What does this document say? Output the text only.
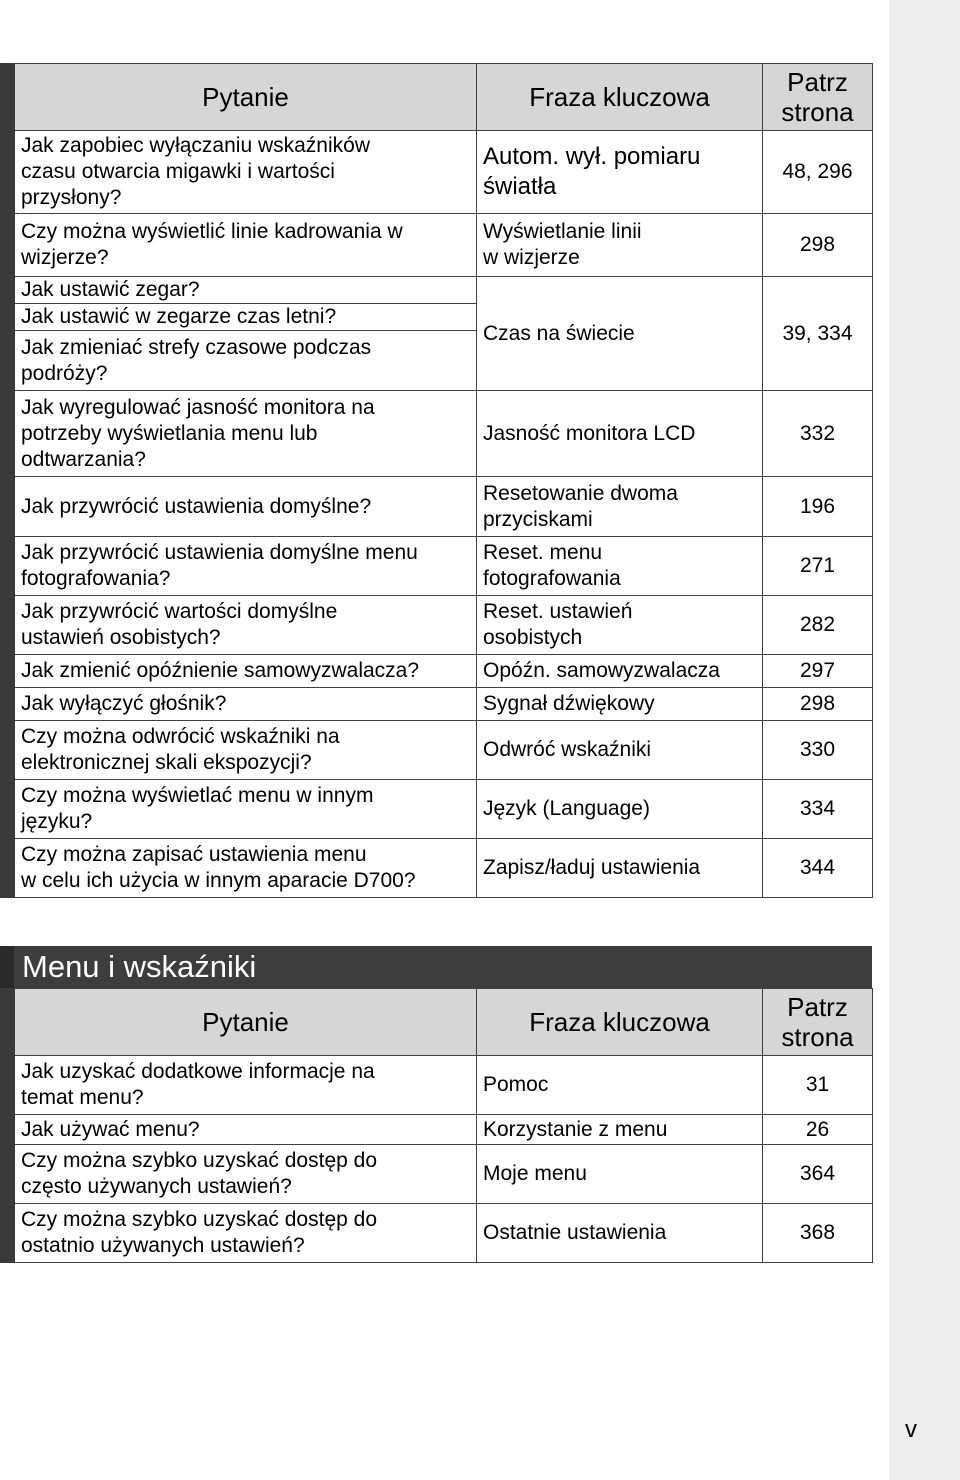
	Pytanie	Fraza kluczowa	Patrz
strona

	Jak zapobiec wyłączaniu wskaźników
czasu otwarcia migawki i wartości
przysłony?	Autom. wył. pomiaru
światła	48, 296

	Czy można wyświetlić linie kadrowania w
wizjerze?	Wyświetlanie linii
w wizjerze	298

	Jak ustawić zegar?	Czas na świecie	39, 334

	Jak ustawić w zegarze czas letni?		

	Jak zmieniać strefy czasowe podczas
podróży?		

	Jak wyregulować jasność monitora na
potrzeby wyświetlania menu lub
odtwarzania?	Jasność monitora LCD	332

	Jak przywrócić ustawienia domyślne?	Resetowanie dwoma
przyciskami	196

	Jak przywrócić ustawienia domyślne menu
fotografowania?	Reset. menu
fotografowania	271

	Jak przywrócić wartości domyślne
ustawień osobistych?	Reset. ustawień
osobistych	282

	Jak zmienić opóźnienie samowyzwalacza?	Opóźn. samowyzwalacza	297

	Jak wyłączyć głośnik?	Sygnał dźwiękowy	298

	Czy można odwrócić wskaźniki na
elektronicznej skali ekspozycji?	Odwróć wskaźniki	330

	Czy można wyświetlać menu w innym
języku?	Język (Language)	334

	Czy można zapisać ustawienia menu
w celu ich użycia w innym aparacie D700?	Zapisz/ładuj ustawienia	344
Menu i wskaźniki
	Pytanie	Fraza kluczowa	Patrz
strona

	Jak uzyskać dodatkowe informacje na
temat menu?	Pomoc	31

	Jak używać menu?	Korzystanie z menu	26

	Czy można szybko uzyskać dostęp do
często używanych ustawień?	Moje menu	364

	Czy można szybko uzyskać dostęp do
ostatnio używanych ustawień?	Ostatnie ustawienia	368
v
